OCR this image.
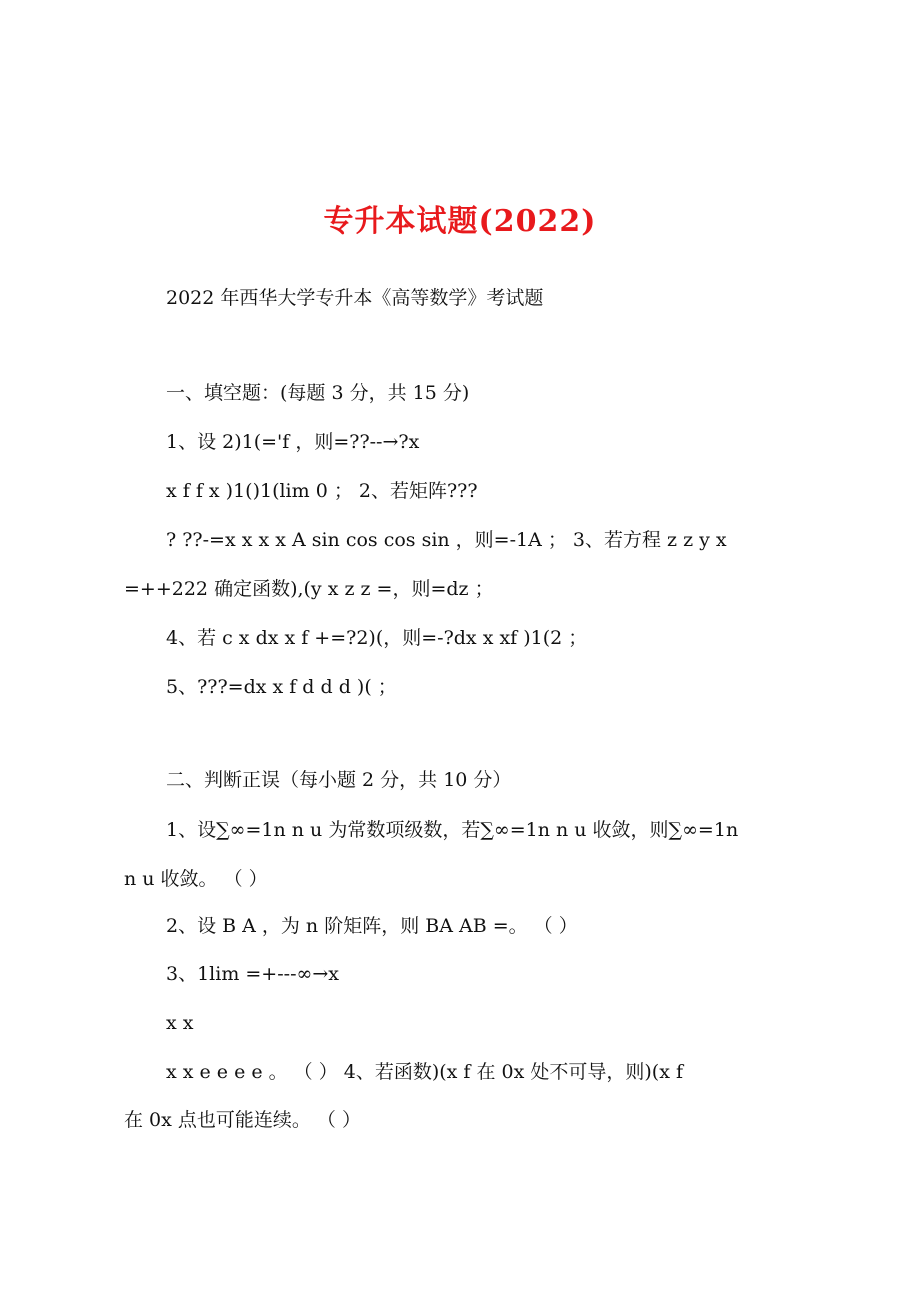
专升本试题(2022)
2022 年西华大学专升本《高等数学》考试题
一、填空题：(每题 3 分，共 15 分)
1、设 2)1(='f ，则=??--→?x
x f f x )1()1(lim 0 ； 2、若矩阵???
? ??-=x x x x A sin cos cos sin ，则=-1A ； 3、若方程 z z y x
=++222 确定函数),(y x z z =，则=dz ；
4、若 c x dx x f +=?2)(，则=-?dx x xf )1(2 ；
5、???=dx x f d d d )( ；
二、判断正误（每小题 2 分，共 10 分）
1、设∑∞=1n n u 为常数项级数，若∑∞=1n n u 收敛，则∑∞=1n
n u 收敛。 （ ）
2、设 B A ，为 n 阶矩阵，则 BA AB =。 （ ）
3、1lim =+---∞→x
x x
x x e e e e 。 （ ） 4、若函数)(x f 在 0x 处不可导，则)(x f
在 0x 点也可能连续。 （ ）
